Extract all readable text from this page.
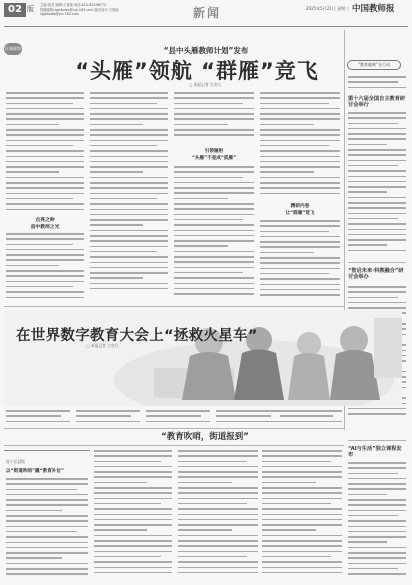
02 版 主编:周亮 编辑:王春琼 电话:010-82296774
投稿邮箱:zgjsbxwb@vip.163.com 版式设计:王春琼 zgjsbxwb@vip.163.com	新闻	2025年5月21日 星期三 中国教师报
区域观察	“县中头雁教师计划”发布
“头雁”领航 “群雁”竞飞
□ 本报记者 方奕凡
点亮之种
县中教师之光
引领辐射
“头雁”不是成“孤雁”
精研内卷
让“群雁”竞飞
“教育偏离”在行动
第十六届全国自主教育研讨会举行
“智启未来·科教融合”研讨会举办
“AI与生活”独立课程发布
在世界数字教育大会上“拯救火星车”
□ 本报记者 方奕凡
“教育吹哨，街道报到”
首个区县级
以“街道吹哨”撬“教育补位”
